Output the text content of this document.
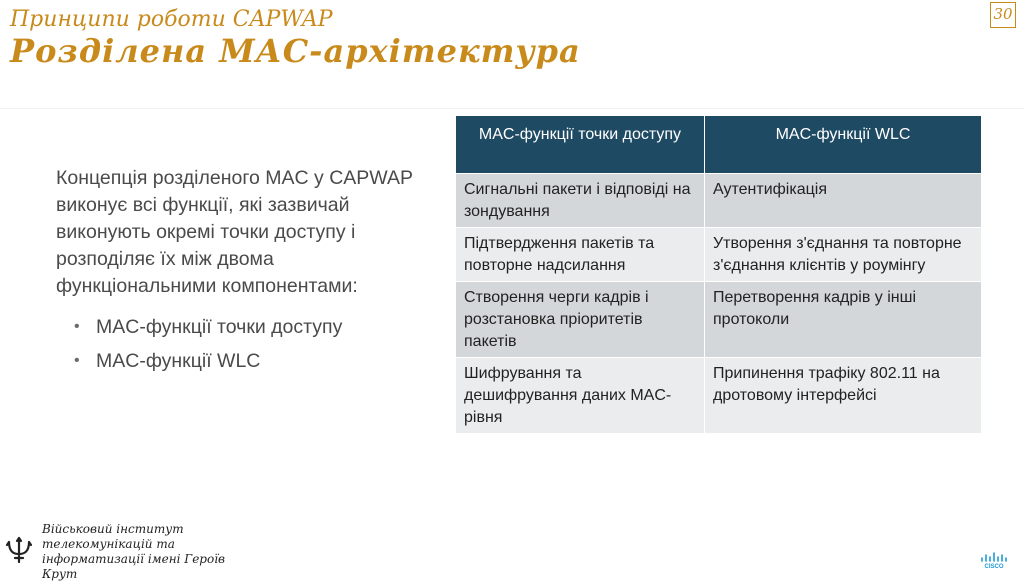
Принципи роботи CAPWAP
Розділена МАС-архітектура
30
Концепція розділеного MAC у CAPWAP виконує всі функції, які зазвичай виконують окремі точки доступу і розподіляє їх між двома функціональними компонентами:
• MAC-функції точки доступу
• MAC-функції WLC
MAC-функції точки доступу	MAC-функції WLC
Сигнальні пакети і відповіді на зондування	Аутентифікація
Підтвердження пакетів та повторне надсилання	Утворення з'єднання та повторне з'єднання клієнтів у роумінгу
Створення черги кадрів і розстановка пріоритетів пакетів	Перетворення кадрів у інші протоколи
Шифрування та дешифрування даних MAC-рівня	Припинення трафіку 802.11 на дротовому інтерфейсі
Військовий інститут телекомунікацій та інформатизації імені Героїв Крут	CISCO
